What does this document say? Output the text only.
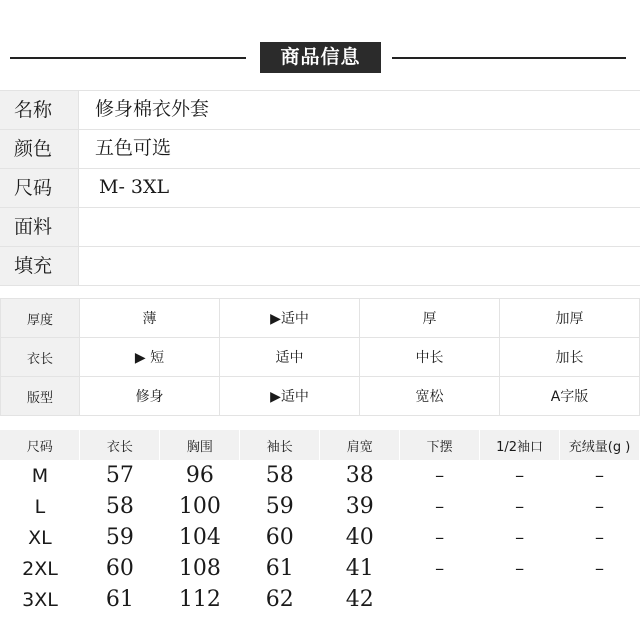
商品信息
名称	修身棉衣外套
颜色	五色可选
尺码	M- 3XL
面料
填充
厚度	薄	▶适中	厚	加厚
衣长	▶ 短	适中	中长	加长
版型	修身	▶适中	宽松	A字版
尺码	衣长	胸围	袖长	肩宽	下摆	1/2袖口	充绒量(g )
M	57	96	58	38	–	–	–
L	58	100	59	39	–	–	–
XL	59	104	60	40	–	–	–
2XL	60	108	61	41	–	–	–
3XL	61	112	62	42			
